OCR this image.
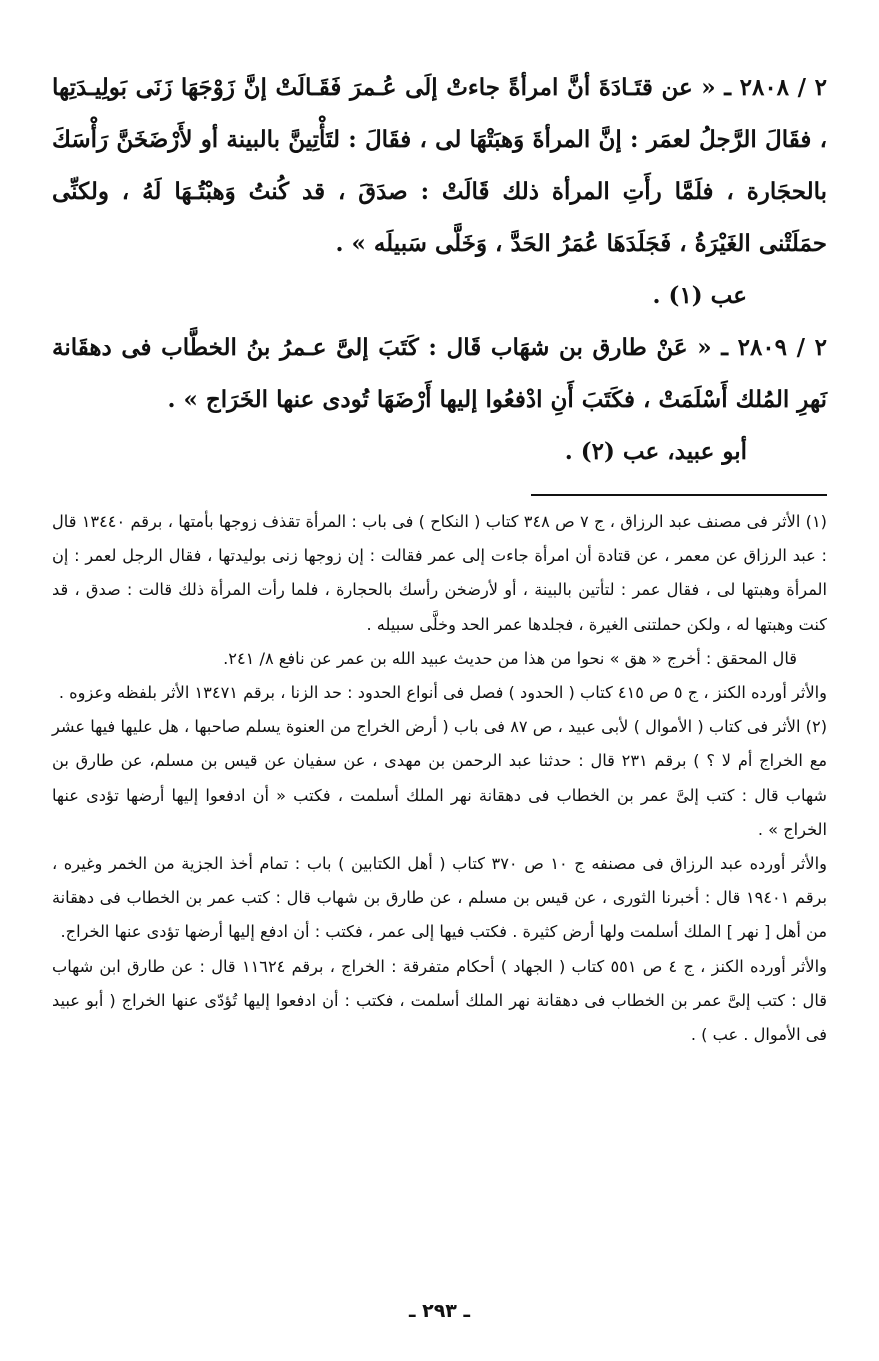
٢ / ٢٨٠٨ ـ « عن قتَـادَةَ أنَّ امرأةً جاءتْ إلَى عُـمرَ فَقَـالَتْ إنَّ زَوْجَهَا زَنَى بَولِيـدَتِها ، فقَالَ الرَّجلُ لعمَر : إنَّ المرأةَ وَهبَتْهَا لى ، فقَالَ : لتَأْتِينَّ بالبينة أو لأَرْضَخَنَّ رَأْسَكَ بالحجَارة ، فلَمَّا رأَتِ المرأة ذلك قَالَتْ : صدَقَ ، قد كُنتُ وَهبْتُـهَا لَهُ ، ولكنِّى حمَلَتْنى الغَيْرَةُ ، فَجَلَدَهَا عُمَرُ الحَدَّ ، وَخَلَّى سَبيلَه » .

عب (١) .

٢ / ٢٨٠٩ ـ « عَنْ طارق بن شهَاب قَال : كَتَبَ إلىَّ عـمرُ بنُ الخطَّاب فى دهقَانة نَهرِ المُلك أَسْلَمَتْ ، فكَتَبَ أَنِ ادْفعُوا إليها أَرْضَهَا تُودى عنها الخَرَاج » .

أبو عبيد، عب (٢) .

(١) الأثر فى مصنف عبد الرزاق ، ج ٧ ص ٣٤٨ كتاب ( النكاح ) فى باب : المرأة تقذف زوجها بأمتها ، برقم ١٣٤٤٠ قال : عبد الرزاق عن معمر ، عن قتادة أن امرأة جاءت إلى عمر فقالت : إن زوجها زنى بوليدتها ، فقال الرجل لعمر : إن المرأة وهبتها لى ، فقال عمر : لتأتين بالبينة ، أو لأرضخن رأسك بالحجارة ، فلما رأت المرأة ذلك قالت : صدق ، قد كنت وهبتها له ، ولكن حملتنى الغيرة ، فجلدها عمر الحد وخلَّى سبيله .

قال المحقق : أخرج « هق » نحوا من هذا من حديث عبيد الله بن عمر عن نافع ٨/ ٢٤١.

والأثر أورده الكنز ، ج ٥ ص ٤١٥ كتاب ( الحدود ) فصل فى أنواع الحدود : حد الزنا ، برقم ١٣٤٧١ الأثر بلفظه وعزوه .

(٢) الأثر فى كتاب ( الأموال ) لأبى عبيد ، ص ٨٧ فى باب ( أرض الخراج من العنوة يسلم صاحبها ، هل عليها فيها عشر مع الخراج أم لا ؟ ) برقم ٢٣١ قال : حدثنا عبد الرحمن بن مهدى ، عن سفيان عن قيس بن مسلم، عن طارق بن شهاب قال : كتب إلىَّ عمر بن الخطاب فى دهقانة نهر الملك أسلمت ، فكتب « أن ادفعوا إليها أرضها تؤدى عنها الخراج » .

والأثر أورده عبد الرزاق فى مصنفه ج ١٠ ص ٣٧٠ كتاب ( أهل الكتابين ) باب : تمام أخذ الجزية من الخمر وغيره ، برقم ١٩٤٠١ قال : أخبرنا الثورى ، عن قيس بن مسلم ، عن طارق بن شهاب قال : كتب عمر بن الخطاب فى دهقانة من أهل [ نهر ] الملك أسلمت ولها أرض كثيرة . فكتب فيها إلى عمر ، فكتب : أن ادفع إليها أرضها تؤدى عنها الخراج.

والأثر أورده الكنز ، ج ٤ ص ٥٥١ كتاب ( الجهاد ) أحكام متفرقة : الخراج ، برقم ١١٦٢٤ قال : عن طارق ابن شهاب قال : كتب إلىَّ عمر بن الخطاب فى دهقانة نهر الملك أسلمت ، فكتب : أن ادفعوا إليها تُؤدّى عنها الخراج ( أبو عبيد فى الأموال . عب ) .

ـ ٢٩٣ ـ
